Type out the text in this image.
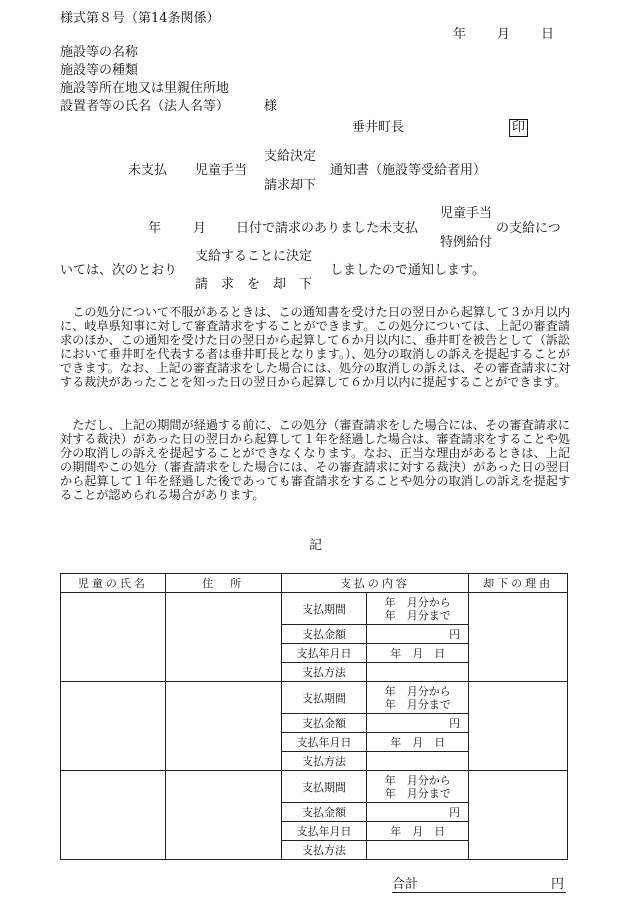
様式第８号（第14条関係）
年 月 日
施設等の名称
施設等の種類
施設等所在地又は里親住所地
設置者等の氏名（法人名等）	様
垂井町長	印
支給決定
未支払 児童手当	通知書（施設等受給者用）
請求却下
児童手当
年 月 日付で請求のありました未支払	の支給につ
特例給付
支給することに決定
いては、次のとおり	しましたので通知します。
請　求　を　却　下

この処分について不服があるときは、この通知書を受けた日の翌日から起算して３か月以内に、岐阜県知事に対して審査請求をすることができます。この処分については、上記の審査請求のほか、この通知を受けた日の翌日から起算して６か月以内に、垂井町を被告として（訴訟において垂井町を代表する者は垂井町長となります。）、処分の取消しの訴えを提起することができます。なお、上記の審査請求をした場合には、処分の取消しの訴えは、その審査請求に対する裁決があったことを知った日の翌日から起算して６か月以内に提起することができます。

ただし、上記の期間が経過する前に、この処分（審査請求をした場合には、その審査請求に対する裁決）があった日の翌日から起算して１年を経過した場合は、審査請求をすることや処分の取消しの訴えを提起することができなくなります。なお、正当な理由があるときは、上記の期間やこの処分（審査請求をした場合には、その審査請求に対する裁決）があった日の翌日から起算して１年を経過した後であっても審査請求をすることや処分の取消しの訴えを提起することが認められる場合があります。

記
児童の氏名	住　所	支払の内容		却下の理由
		支払期間	年　月分から
年　月分まで	

		支払金額	円	
		支払年月日	年　月　日	
		支払方法		
		支払期間	年　月分から
年　月分まで	

		支払金額	円	
		支払年月日	年　月　日	
		支払方法		
		支払期間	年　月分から
年　月分まで	

		支払金額	円	
		支払年月日	年　月　日	
		支払方法		
合計	円
